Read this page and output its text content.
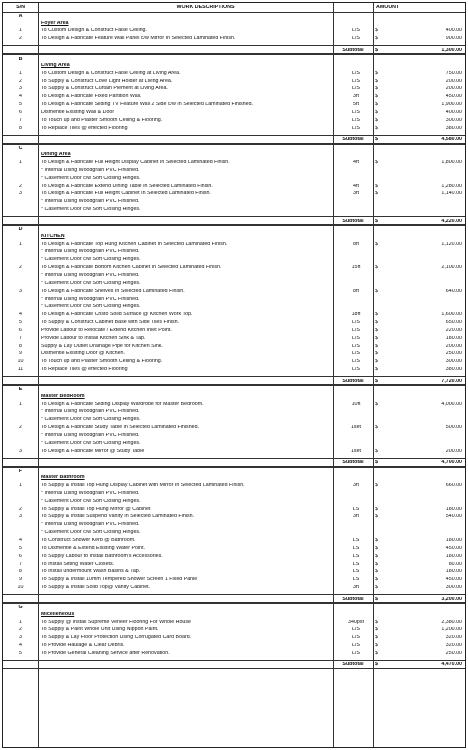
S/N	WORK DESCRIPTIONS	AMOUNT
A
Foyer Area
1	To Custom Design & Construct False Ceiling.	L/S	$	400.00
2	To Design & Fabricate Feature Wall Panel c/w Mirror In Selected Laminated Finish.	L/S	$	900.00
Subtotal	$	1,300.00
B
Living Area
1	To Custom Design & Construct False Ceiling at Living Area.	L/S	$	750.00
2	To Supply & Construct Cove Light Holder at Living Area.	L/S	$	200.00
3	To Supply & Construct Curtain Plement at Living Area.	L/S	$	200.00
4	To Design & Fabricate Fixed Partition Wall.	3ft	$	450.00
5	To Design & Fabricate Sliding TV Feature Wall 2 Side c/w In Selected Laminated Finished.	5ft	$	1,900.00
6	Dismentle Existing Wall & Door	L/S	$	400.00
7	To Touch up and Plaster Smooth Ceiling & Flooring.	L/S	$	300.00
8	To Replace Tiles @ effected Flooring	L/S	$	380.00
Subtotal	$	4,580.00
C
Dining Area
1	To Design & Fabricate Full Height Display Cabinet In Selected Laminated Finish.	4ft	$	1,800.00
* Internal Using Woodgrain PVC Finished.
* Casement Door c/w Soft Closing Hinges.
2	To Design & Fabricate Extend Dining Table In Selected Laminated Finish.	4ft	$	1,280.00
3	To Design & Fabricate Full Height Cabinet In Selected Laminated Finish.	3ft	$	1,140.00
* Internal Using Woodgrain PVC Finished.
* Casement Door c/w Soft Closing Hinges.
Subtotal	$	4,220.00
D
KITCHEN
1	To Design & Fabricate Top Hung Kitchen Cabinet In Selected Laminated Finish.	8ft	$	1,120.00
* Internal Using Woodgrain PVC Finished.
* Casement Door c/w Soft Closing Hinges.
2	To Design & Fabricate Bottom Kitchen Cabinet In Selected Laminated Finish.	15ft	$	2,100.00
* Internal Using Woodgrain PVC Finished.
* Casement Door c/w Soft Closing Hinges.
3	To Design & Fabricate Shelves In Selected Laminated Finish.	8ft	$	640.00
* Internal Using Woodgrain PVC Finished.
* Casement Door c/w Soft Closing Hinges.
4	To Design & Fabricate Cristo Solid Surface @ Kitchen Work Top.	18ft	$	1,600.00
5	To Supply & Construct Cabinet Base with Side Tiles Finish.	L/S	$	650.00
6	Provide Labour to Relocate / Extend Kitchen Inlet Point.	L/S	$	220.00
7	Provide Labour to Install Kitchen Sink & Tap.	L/S	$	180.00
8	Supply & Lay Outlet Drainage Pipe for Kitchen Sink.	L/S	$	200.00
9	Dismentle Existing Door @ Kitchen.	L/S	$	250.00
10	To Touch up and Plaster Smooth Ceiling & Flooring.	L/S	$	300.00
11	To Replace Tiles @ effected Flooring	L/S	$	380.00
Subtotal	$	7,720.00
E
Master BedRoom
1	To Design & Fabricate Sliding Display Wardrobe for Master Bedroom.	10ft	$	4,000.00
* Internal Using Woodgrain PVC Finished.
* Casement Door c/w Soft Closing Hinges.
2	To Design & Fabricate Study Table in Selected Laminated Finished.	1set	$	500.00
* Internal Using Woodgrain PVC Finished.
* Casement Door c/w Soft Closing Hinges.
3	To Design & Fabricate Mirror @ Study Table	1set	$	200.00
Subtotal	$	4,700.00
F
Master Bathroom
1	To Supply & Install Top Hung Display Cabinet with Mirror In Selected Laminated Finish.	3ft	$	660.00
* Internal Using Woodgrain PVC Finished.
* Casement Door c/w Soft Closing Hinges.
2	To Supply & Install Top Hung Mirror @ Cabinet	LS	$	180.00
3	To Supply & Install Suspend Vanity In Selected Laminated Finish.	3ft	$	540.00
* Internal Using Woodgrain PVC Finished.
* Casement Door c/w Soft Closing Hinges.
4	To Construct Shower Kerb @ Bathroom.	LS	$	180.00
5	To Dismentle & Extend Existing Water Point.	LS	$	450.00
6	To Supply Labour to Install Bathroom's Accessories.	LS	$	180.00
7	To Install Sitting Water Closets.	LS	$	80.00
8	To Install undermount Wash Basins & Tap.	LS	$	180.00
9	To Supply & Install 10mm Tempered Shower Screen 1 Fixed Panle	LS	$	450.00
10	To Supply & Install Solid Top@ Vanity Cabinet.	3ft	$	300.00
Subtotal	$	3,200.00
G
Micelleneous
1	To Supply @ Install Supreme Veneer Flooring For Whole House	340psf	$	2,380.00
2	To Supply & Paint Whole Unit Using Nippon Paint.	L/S	$	1,200.00
3	To Supply & Lay Floor Protection Using Corrugated Card Board.	L/S	$	320.00
4	To Provide Haulage & Clear Debris.	L/S	$	320.00
5	To Provide General Cleaning Service after Renovation.	L/S	$	250.00
Subtotal	$	4,470.00
